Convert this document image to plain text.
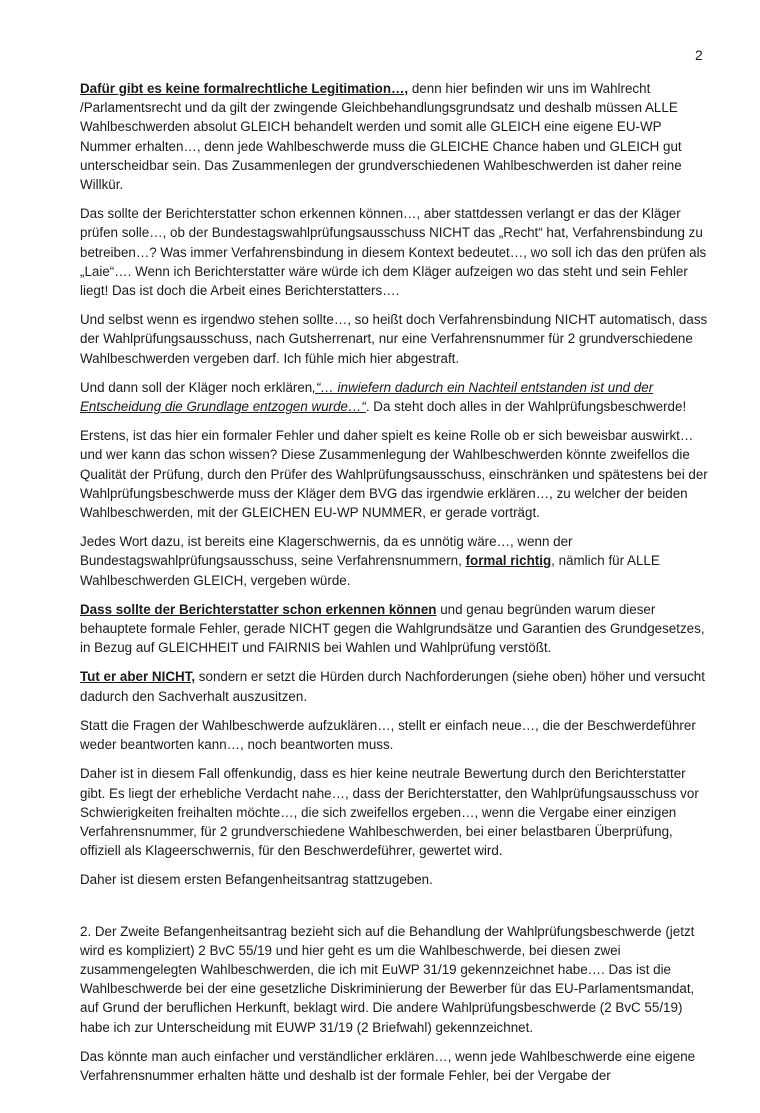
2

Dafür gibt es keine formalrechtliche Legitimation…, denn hier befinden wir uns im Wahlrecht /Parlamentsrecht und da gilt der zwingende Gleichbehandlungsgrundsatz und deshalb müssen ALLE Wahlbeschwerden absolut GLEICH behandelt werden und somit alle GLEICH eine eigene EU-WP Nummer erhalten…, denn jede Wahlbeschwerde muss die GLEICHE Chance haben und GLEICH gut unterscheidbar sein. Das Zusammenlegen der grundverschiedenen Wahlbeschwerden ist daher reine Willkür.

Das sollte der Berichterstatter schon erkennen können…, aber stattdessen verlangt er das der Kläger prüfen solle…, ob der Bundestagswahlprüfungsausschuss NICHT das „Recht“ hat, Verfahrensbindung zu betreiben…? Was immer Verfahrensbindung in diesem Kontext bedeutet…, wo soll ich das den prüfen als „Laie“…. Wenn ich Berichterstatter wäre würde ich dem Kläger aufzeigen wo das steht und sein Fehler liegt! Das ist doch die Arbeit eines Berichterstatters….

Und selbst wenn es irgendwo stehen sollte…, so heißt doch Verfahrensbindung NICHT automatisch, dass der Wahlprüfungsausschuss, nach Gutsherrenart, nur eine Verfahrensnummer für 2 grundverschiedene Wahlbeschwerden vergeben darf. Ich fühle mich hier abgestraft.

Und dann soll der Kläger noch erklären,“… inwiefern dadurch ein Nachteil entstanden ist und der Entscheidung die Grundlage entzogen wurde…“. Da steht doch alles in der Wahlprüfungsbeschwerde!

Erstens, ist das hier ein formaler Fehler und daher spielt es keine Rolle ob er sich beweisbar auswirkt… und wer kann das schon wissen? Diese Zusammenlegung der Wahlbeschwerden könnte zweifellos die Qualität der Prüfung, durch den Prüfer des Wahlprüfungsausschuss, einschränken und spätestens bei der Wahlprüfungsbeschwerde muss der Kläger dem BVG das irgendwie erklären…, zu welcher der beiden Wahlbeschwerden, mit der GLEICHEN EU-WP NUMMER, er gerade vorträgt.

Jedes Wort dazu, ist bereits eine Klagerschwernis, da es unnötig wäre…, wenn der Bundestagswahlprüfungsausschuss, seine Verfahrensnummern, formal richtig, nämlich für ALLE Wahlbeschwerden GLEICH, vergeben würde.

Dass sollte der Berichterstatter schon erkennen können und genau begründen warum dieser behauptete formale Fehler, gerade NICHT gegen die Wahlgrundsätze und Garantien des Grundgesetzes, in Bezug auf GLEICHHEIT und FAIRNIS bei Wahlen und Wahlprüfung verstößt.

Tut er aber NICHT, sondern er setzt die Hürden durch Nachforderungen (siehe oben) höher und versucht dadurch den Sachverhalt auszusitzen.

Statt die Fragen der Wahlbeschwerde aufzuklären…, stellt er einfach neue…, die der Beschwerdeführer weder beantworten kann…, noch beantworten muss.

Daher ist in diesem Fall offenkundig, dass es hier keine neutrale Bewertung durch den Berichterstatter gibt. Es liegt der erhebliche Verdacht nahe…, dass der Berichterstatter, den Wahlprüfungsausschuss vor Schwierigkeiten freihalten möchte…, die sich zweifellos ergeben…, wenn die Vergabe einer einzigen Verfahrensnummer, für 2 grundverschiedene Wahlbeschwerden, bei einer belastbaren Überprüfung, offiziell als Klageerschwernis, für den Beschwerdeführer, gewertet wird.

Daher ist diesem ersten Befangenheitsantrag stattzugeben.

2. Der Zweite Befangenheitsantrag bezieht sich auf die Behandlung der Wahlprüfungsbeschwerde (jetzt wird es kompliziert) 2 BvC 55/19 und hier geht es um die Wahlbeschwerde, bei diesen zwei zusammengelegten Wahlbeschwerden, die ich mit EuWP 31/19 gekennzeichnet habe…. Das ist die Wahlbeschwerde bei der eine gesetzliche Diskriminierung der Bewerber für das EU-Parlamentsmandat, auf Grund der beruflichen Herkunft, beklagt wird. Die andere Wahlprüfungsbeschwerde (2 BvC 55/19) habe ich zur Unterscheidung mit EUWP 31/19 (2 Briefwahl) gekennzeichnet.

Das könnte man auch einfacher und verständlicher erklären…, wenn jede Wahlbeschwerde eine eigene Verfahrensnummer erhalten hätte und deshalb ist der formale Fehler, bei der Vergabe der
